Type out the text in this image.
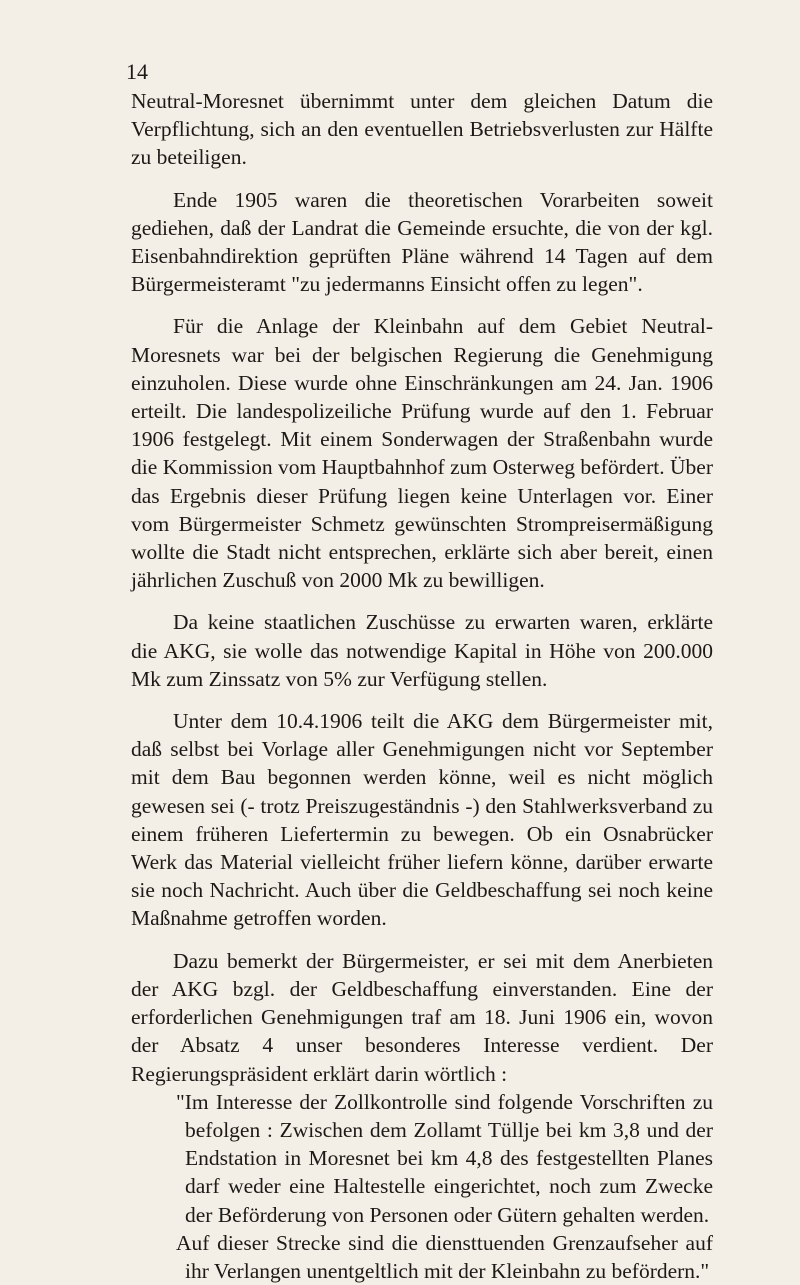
14

Neutral-Moresnet übernimmt unter dem gleichen Datum die Verpflichtung, sich an den eventuellen Betriebsverlusten zur Hälfte zu beteiligen.

Ende 1905 waren die theoretischen Vorarbeiten soweit gediehen, daß der Landrat die Gemeinde ersuchte, die von der kgl. Eisenbahndirektion geprüften Pläne während 14 Tagen auf dem Bürgermeisteramt "zu jedermanns Einsicht offen zu legen".

Für die Anlage der Kleinbahn auf dem Gebiet Neutral-Moresnets war bei der belgischen Regierung die Genehmigung einzuholen. Diese wurde ohne Einschränkungen am 24. Jan. 1906 erteilt. Die landespolizeiliche Prüfung wurde auf den 1. Februar 1906 festgelegt. Mit einem Sonderwagen der Straßenbahn wurde die Kommission vom Hauptbahnhof zum Osterweg befördert. Über das Ergebnis dieser Prüfung liegen keine Unterlagen vor. Einer vom Bürgermeister Schmetz gewünschten Strompreisermäßigung wollte die Stadt nicht entsprechen, erklärte sich aber bereit, einen jährlichen Zuschuß von 2000 Mk zu bewilligen.

Da keine staatlichen Zuschüsse zu erwarten waren, erklärte die AKG, sie wolle das notwendige Kapital in Höhe von 200.000 Mk zum Zinssatz von 5% zur Verfügung stellen.

Unter dem 10.4.1906 teilt die AKG dem Bürgermeister mit, daß selbst bei Vorlage aller Genehmigungen nicht vor September mit dem Bau begonnen werden könne, weil es nicht möglich gewesen sei (- trotz Preiszugeständnis -) den Stahlwerksverband zu einem früheren Liefertermin zu bewegen. Ob ein Osnabrücker Werk das Material vielleicht früher liefern könne, darüber erwarte sie noch Nachricht. Auch über die Geldbeschaffung sei noch keine Maßnahme getroffen worden.

Dazu bemerkt der Bürgermeister, er sei mit dem Anerbieten der AKG bzgl. der Geldbeschaffung einverstanden. Eine der erforderlichen Genehmigungen traf am 18. Juni 1906 ein, wovon der Absatz 4 unser besonderes Interesse verdient. Der Regierungspräsident erklärt darin wörtlich :

"Im Interesse der Zollkontrolle sind folgende Vorschriften zu befolgen : Zwischen dem Zollamt Tüllje bei km 3,8 und der Endstation in Moresnet bei km 4,8 des festgestellten Planes darf weder eine Haltestelle eingerichtet, noch zum Zwecke der Beförderung von Personen oder Gütern gehalten werden.

Auf dieser Strecke sind die diensttuenden Grenzaufseher auf ihr Verlangen unentgeltlich mit der Kleinbahn zu befördern."
